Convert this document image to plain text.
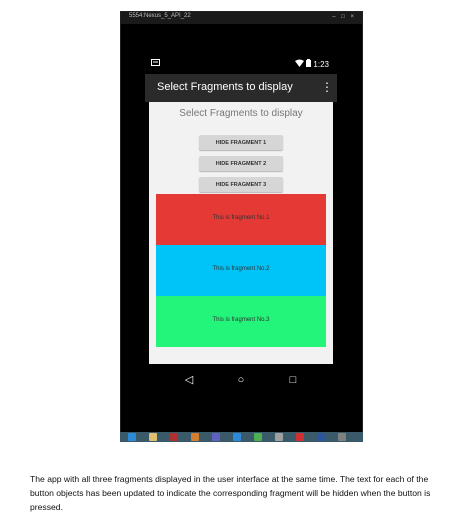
5554:Nexus_5_API_22	– □ ×
1:23
Select Fragments to display ⋮
Select Fragments to display
HIDE FRAGMENT 1
HIDE FRAGMENT 2
HIDE FRAGMENT 3
This is fragment No.1
This is fragment No.2
This is fragment No.3
◁	○	□
The app with all three fragments displayed in the user interface at the same time. The text for each of the button objects has been updated to indicate the corresponding fragment will be hidden when the button is pressed.
